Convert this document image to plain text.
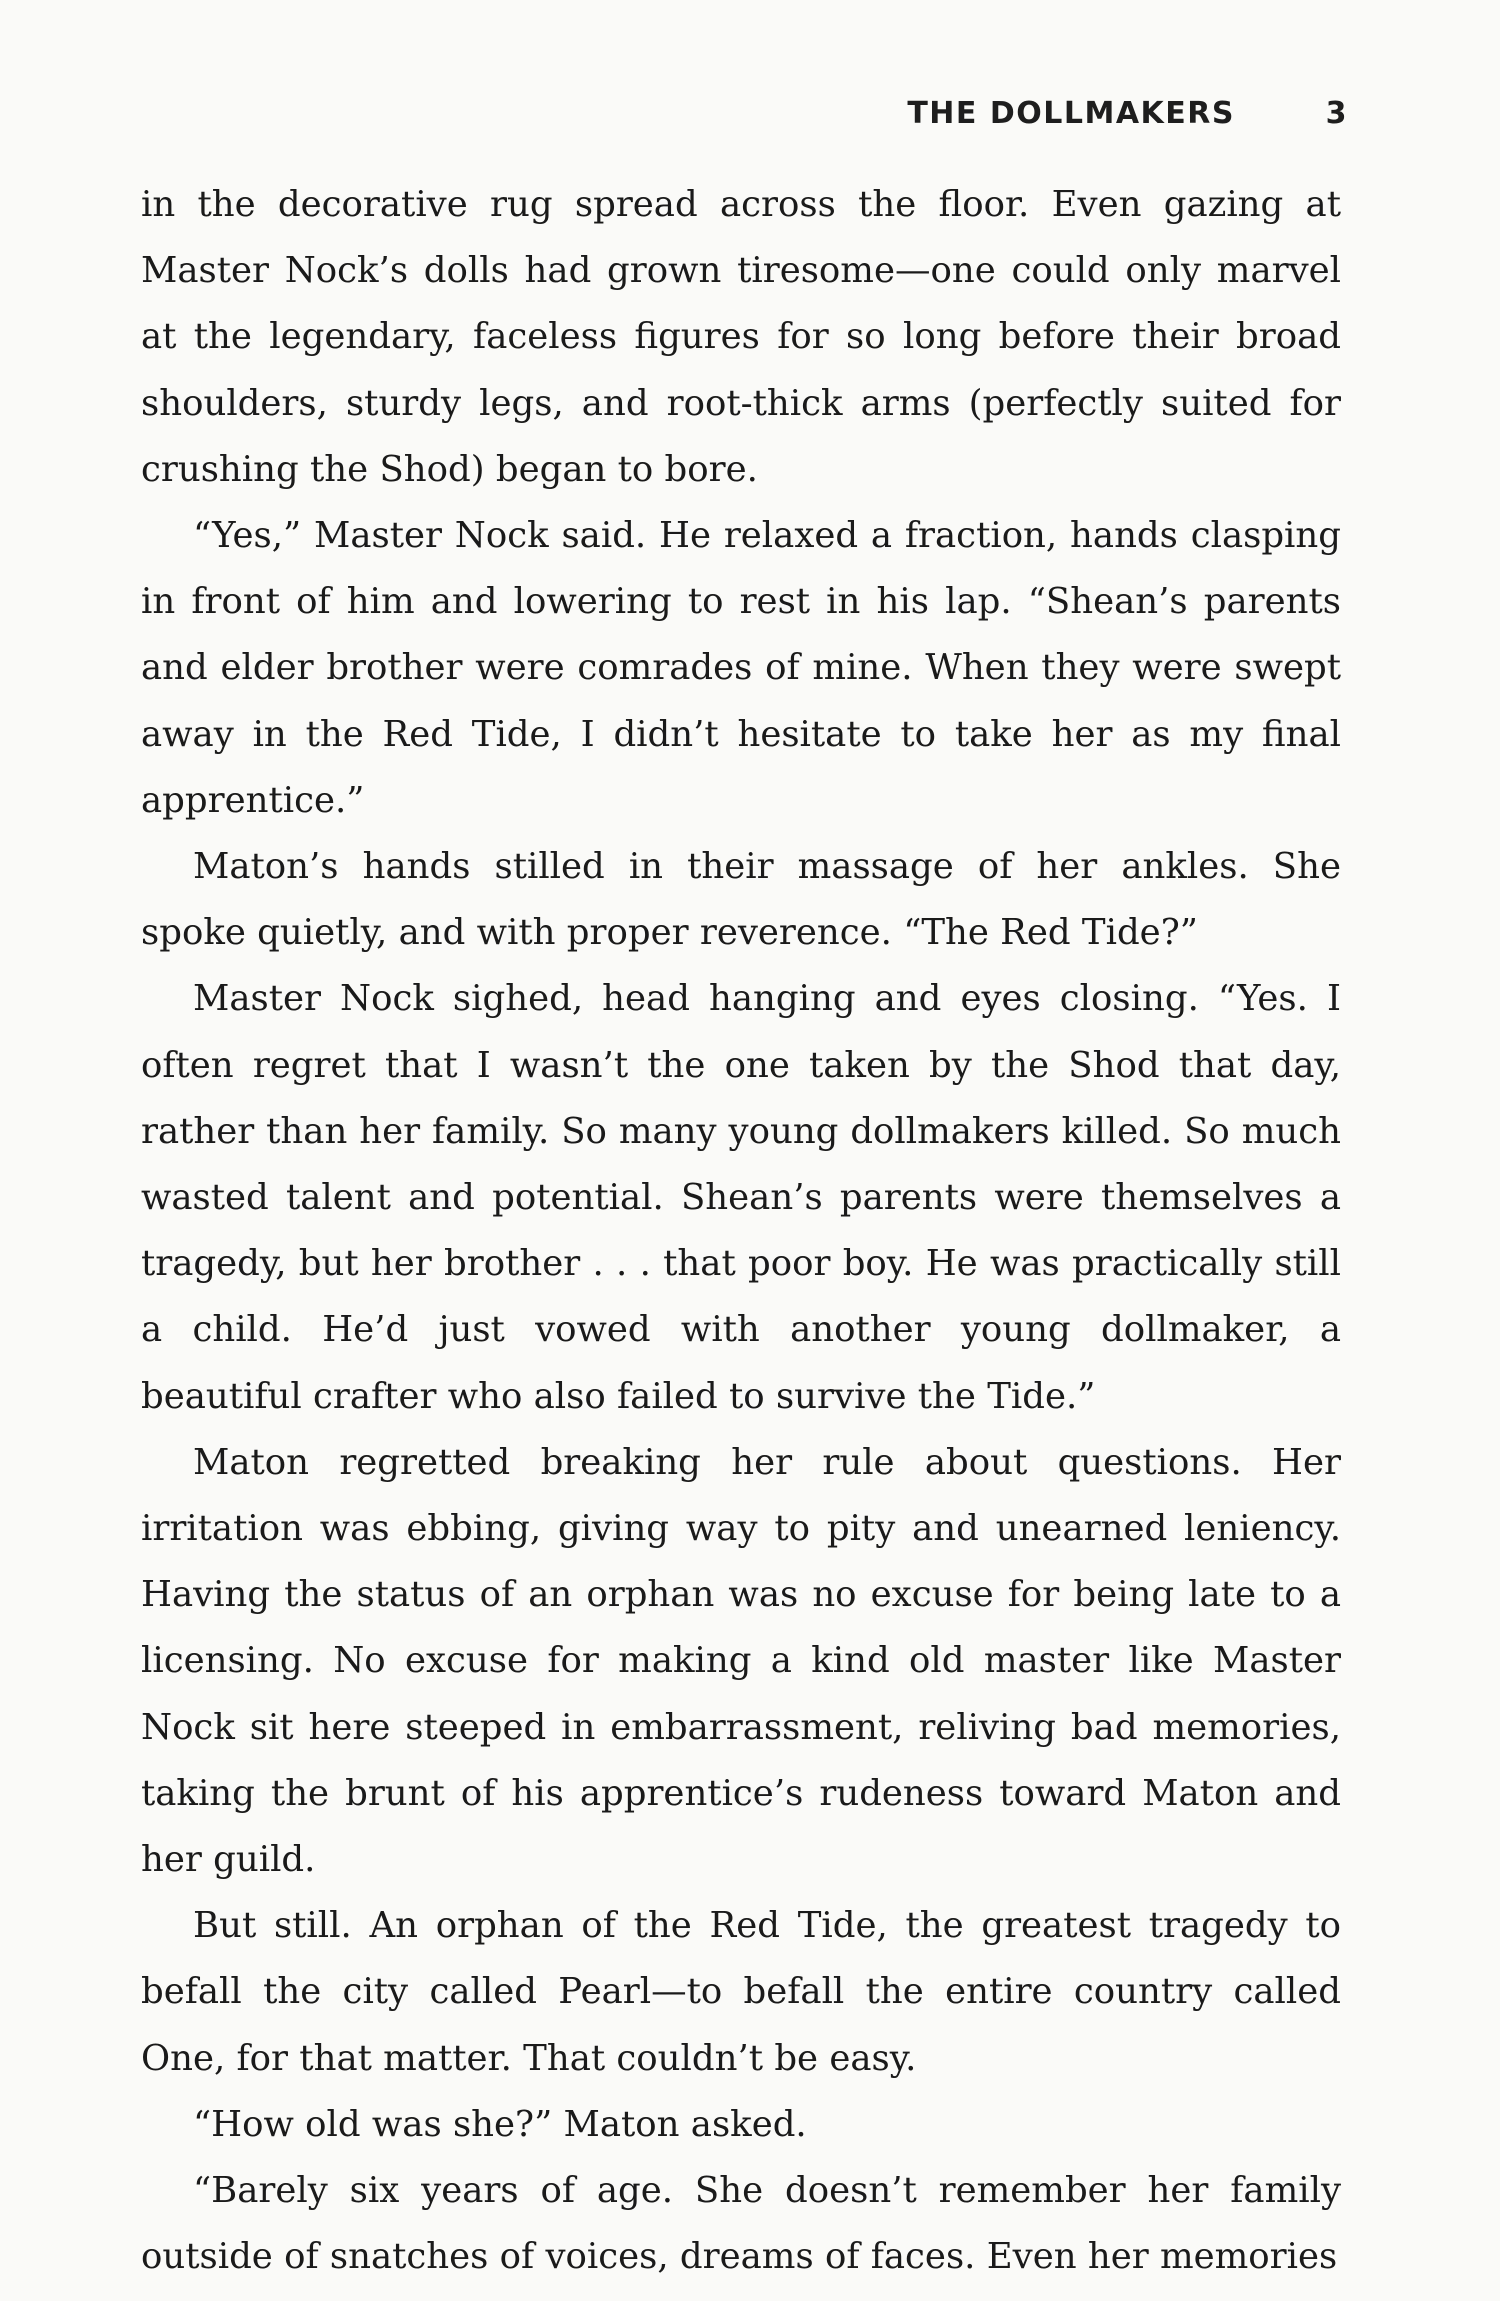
THE DOLLMAKERS	3

in the decorative rug spread across the floor. Even gazing at Master Nock’s dolls had grown tiresome—one could only marvel at the legendary, faceless figures for so long before their broad shoulders, sturdy legs, and root-thick arms (perfectly suited for crushing the Shod) began to bore.

“Yes,” Master Nock said. He relaxed a fraction, hands clasping in front of him and lowering to rest in his lap. “Shean’s parents and elder brother were comrades of mine. When they were swept away in the Red Tide, I didn’t hesitate to take her as my final apprentice.”

Maton’s hands stilled in their massage of her ankles. She spoke quietly, and with proper reverence. “The Red Tide?”

Master Nock sighed, head hanging and eyes closing. “Yes. I often regret that I wasn’t the one taken by the Shod that day, rather than her family. So many young dollmakers killed. So much wasted talent and potential. Shean’s parents were themselves a tragedy, but her brother . . . that poor boy. He was practically still a child. He’d just vowed with another young dollmaker, a beautiful crafter who also failed to survive the Tide.”

Maton regretted breaking her rule about questions. Her irritation was ebbing, giving way to pity and unearned leniency. Having the status of an orphan was no excuse for being late to a licensing. No excuse for making a kind old master like Master Nock sit here steeped in embarrassment, reliving bad memories, taking the brunt of his apprentice’s rudeness toward Maton and her guild.

But still. An orphan of the Red Tide, the greatest tragedy to befall the city called Pearl—to befall the entire country called One, for that matter. That couldn’t be easy.

“How old was she?” Maton asked.

“Barely six years of age. She doesn’t remember her family outside of snatches of voices, dreams of faces. Even her memories
